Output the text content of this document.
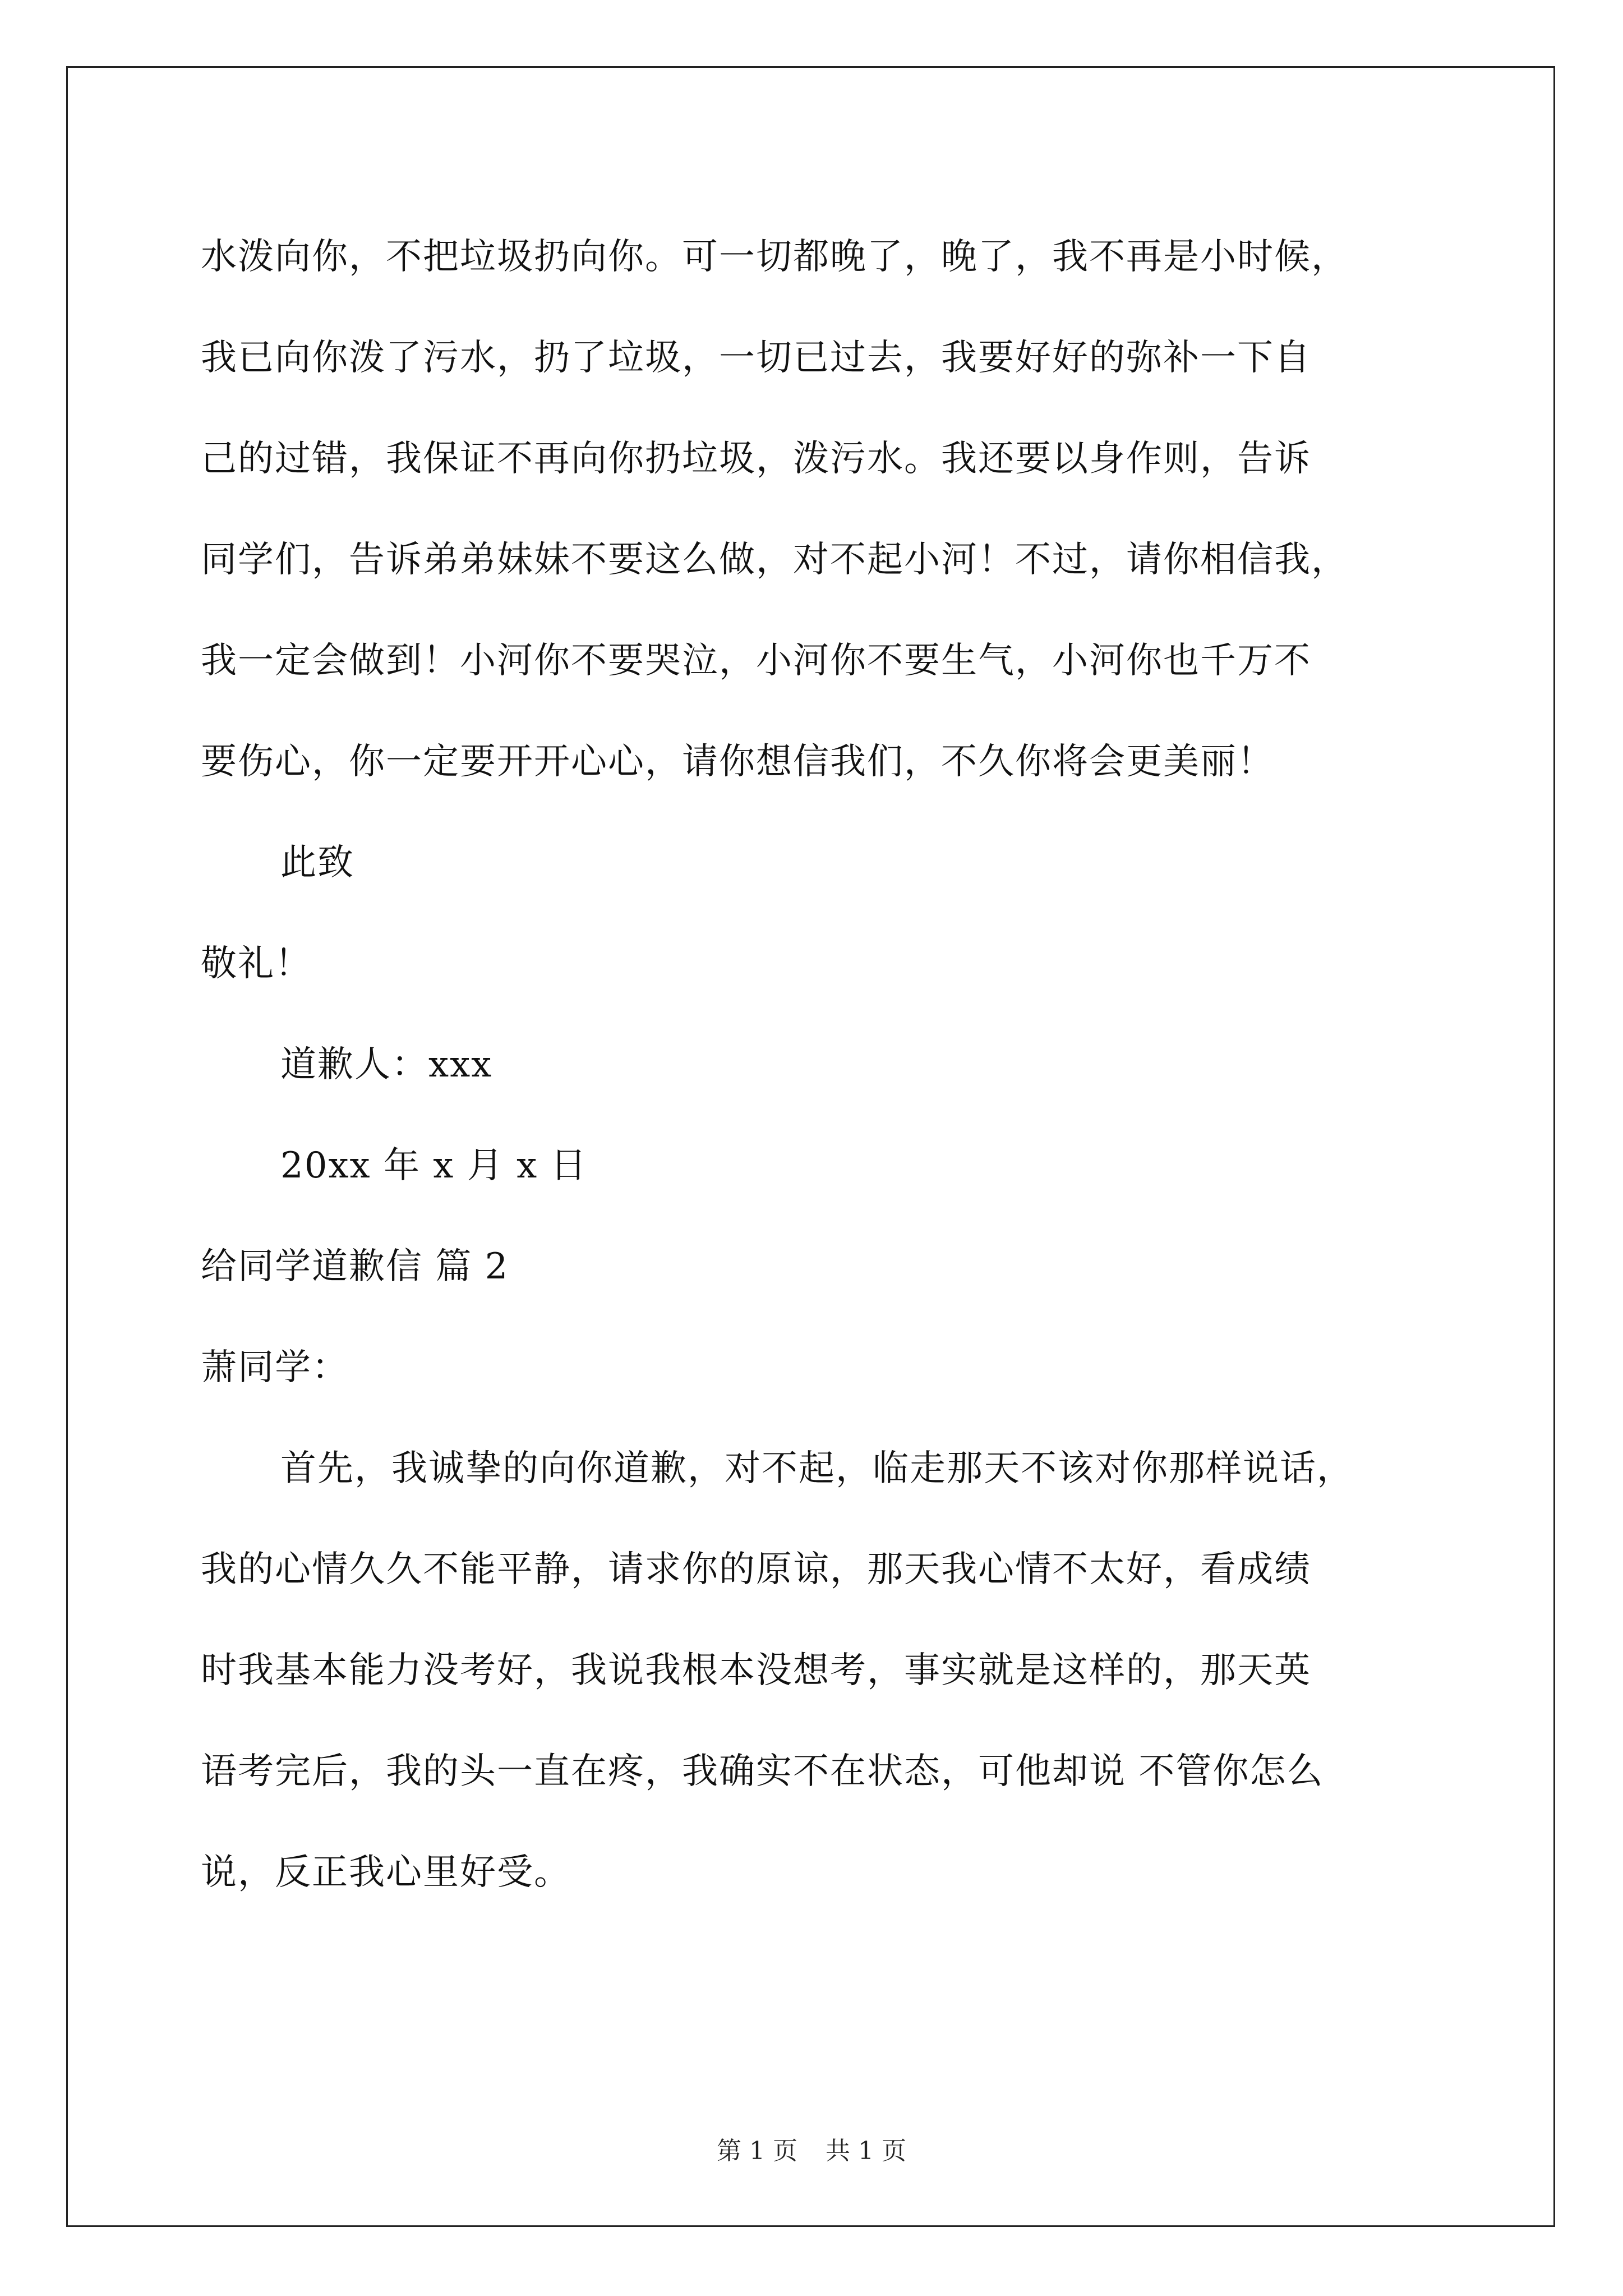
水泼向你，不把垃圾扔向你。可一切都晚了，晚了，我不再是小时候，
我已向你泼了污水，扔了垃圾，一切已过去，我要好好的弥补一下自
己的过错，我保证不再向你扔垃圾，泼污水。我还要以身作则，告诉
同学们，告诉弟弟妹妹不要这么做，对不起小河！不过，请你相信我，
我一定会做到！小河你不要哭泣，小河你不要生气，小河你也千万不
要伤心，你一定要开开心心，请你想信我们，不久你将会更美丽！
此致
敬礼！
道歉人：xxx
20xx 年 x 月 x 日
给同学道歉信 篇 2
萧同学：
首先，我诚挚的向你道歉，对不起，临走那天不该对你那样说话，
我的心情久久不能平静，请求你的原谅，那天我心情不太好，看成绩
时我基本能力没考好，我说我根本没想考，事实就是这样的，那天英
语考完后，我的头一直在疼，我确实不在状态，可他却说 不管你怎么
说，反正我心里好受。
第 1 页 共 1 页
